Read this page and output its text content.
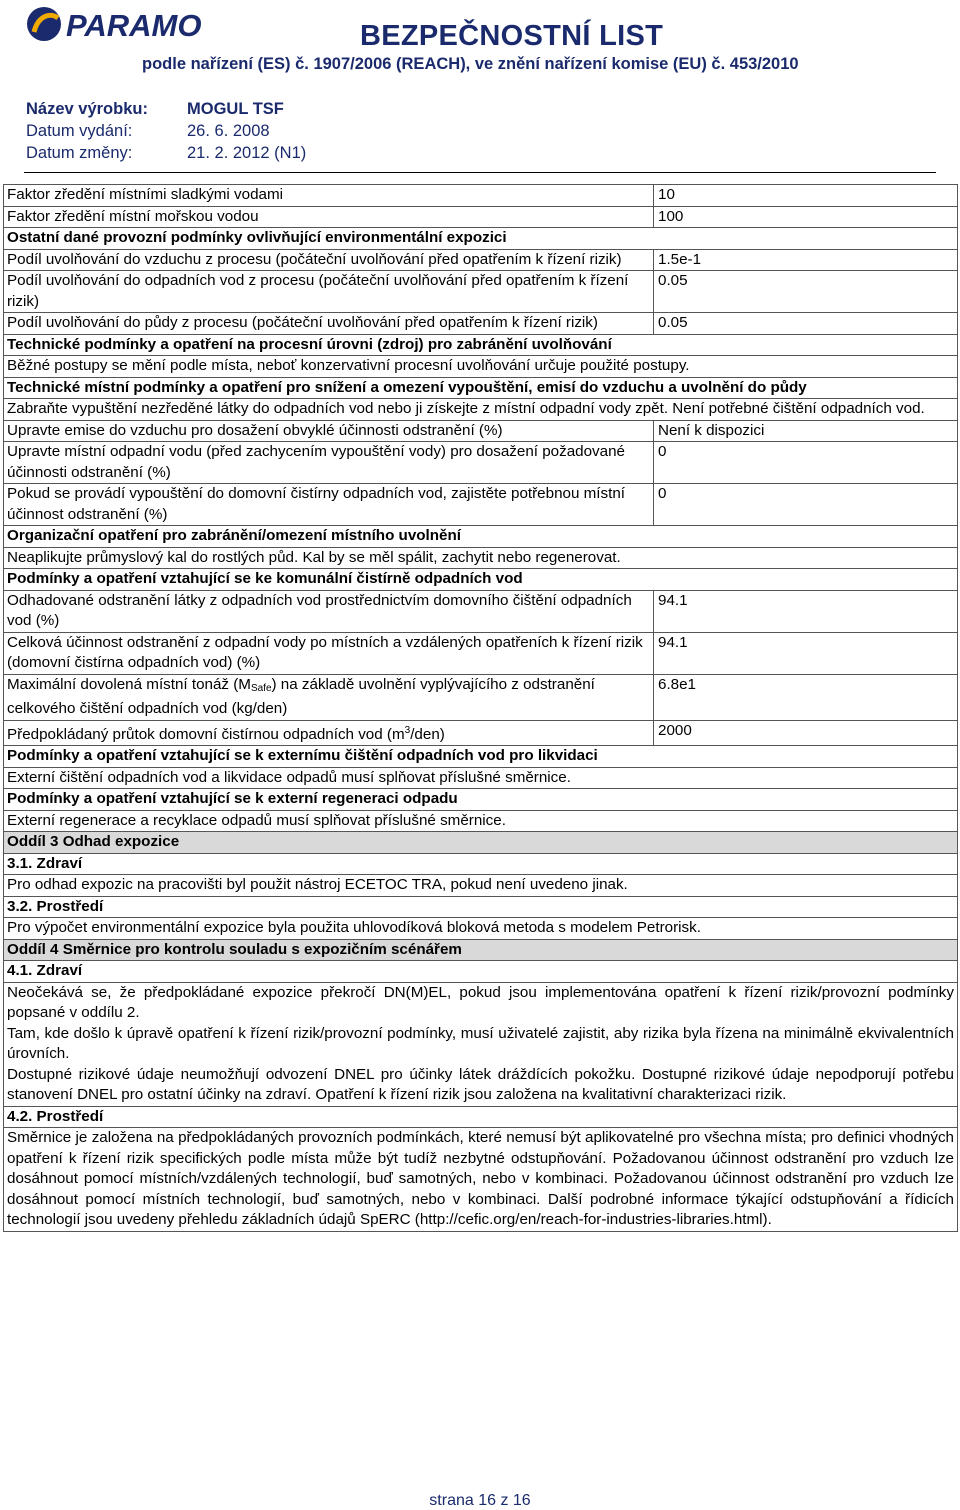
PARAMO	BEZPEČNOSTNÍ LIST
podle nařízení (ES) č. 1907/2006 (REACH), ve znění nařízení komise (EU) č. 453/2010
Název výrobku:	MOGUL TSF
Datum vydání:	26. 6. 2008
Datum změny:	21. 2. 2012 (N1)
Faktor zředění místními sladkými vodami	10
Faktor zředění místní mořskou vodou	100
Ostatní dané provozní podmínky ovlivňující environmentální expozici	
Podíl uvolňování do vzduchu z procesu (počáteční uvolňování před opatřením k řízení rizik)	1.5e-1
Podíl uvolňování do odpadních vod z procesu (počáteční uvolňování před opatřením k řízení rizik)	0.05
Podíl uvolňování do půdy z procesu (počáteční uvolňování před opatřením k řízení rizik)	0.05
Technické podmínky a opatření na procesní úrovni (zdroj) pro zabránění uvolňování	
Běžné postupy se mění podle místa, neboť konzervativní procesní uvolňování určuje použité postupy.	
Technické místní podmínky a opatření pro snížení a omezení vypouštění, emisí do vzduchu a uvolnění do půdy	
Zabraňte vypuštění nezředěné látky do odpadních vod nebo ji získejte z místní odpadní vody zpět. Není potřebné čištění odpadních vod.	
Upravte emise do vzduchu pro dosažení obvyklé účinnosti odstranění (%)	Není k dispozici
Upravte místní odpadní vodu (před zachycením vypouštění vody) pro dosažení požadované účinnosti odstranění (%)	0
Pokud se provádí vypouštění do domovní čistírny odpadních vod, zajistěte potřebnou místní účinnost odstranění (%)	0
Organizační opatření pro zabránění/omezení místního uvolnění	
Neaplikujte průmyslový kal do rostlých půd. Kal by se měl spálit, zachytit nebo regenerovat.	
Podmínky a opatření vztahující se ke komunální čistírně odpadních vod	
Odhadované odstranění látky z odpadních vod prostřednictvím domovního čištění odpadních vod (%)	94.1
Celková účinnost odstranění z odpadní vody po místních a vzdálených opatřeních k řízení rizik (domovní čistírna odpadních vod) (%)	94.1
Maximální dovolená místní tonáž $(M_{Safe})$ na základě uvolnění vyplývajícího z odstranění celkového čištění odpadních vod (kg/den)	6.8e1
Předpokládaný průtok domovní čistírnou odpadních vod $(m^3/den)$	2000
Podmínky a opatření vztahující se k externímu čištění odpadních vod pro likvidaci	
Externí čištění odpadních vod a likvidace odpadů musí splňovat příslušné směrnice.	
Podmínky a opatření vztahující se k externí regeneraci odpadu	
Externí regenerace a recyklace odpadů musí splňovat příslušné směrnice.	
Oddíl 3 Odhad expozice	
3.1. Zdraví	
Pro odhad expozic na pracovišti byl použit nástroj ECETOC TRA, pokud není uvedeno jinak.	
3.2. Prostředí	
Pro výpočet environmentální expozice byla použita uhlovodíková bloková metoda s modelem Petrorisk.	
Oddíl 4 Směrnice pro kontrolu souladu s expozičním scénářem	
4.1. Zdraví	

Neočekává se, že předpokládané expozice překročí DN(M)EL, pokud jsou implementována opatření k řízení rizik/provozní podmínky popsané v oddílu 2.
Tam, kde došlo k úpravě opatření k řízení rizik/provozní podmínky, musí uživatelé zajistit, aby rizika byla řízena na minimálně ekvivalentních úrovních.
Dostupné rizikové údaje neumožňují odvození DNEL pro účinky látek dráždících pokožku. Dostupné rizikové údaje nepodporují potřebu stanovení DNEL pro ostatní účinky na zdraví. Opatření k řízení rizik jsou založena na kvalitativní charakterizaci rizik.	

4.2. Prostředí	

Směrnice je založena na předpokládaných provozních podmínkách, které nemusí být aplikovatelné pro všechna místa; pro definici vhodných opatření k řízení rizik specifických podle místa může být tudíž nezbytné odstupňování. Požadovanou účinnost odstranění pro vzduch lze dosáhnout pomocí místních/vzdálených technologií, buď samotných, nebo v kombinaci. Požadovanou účinnost odstranění pro vzduch lze dosáhnout pomocí místních technologií, buď samotných, nebo v kombinaci. Další podrobné informace týkající odstupňování a řídicích technologií jsou uvedeny přehledu základních údajů SpERC (http://cefic.org/en/reach-for-industries-libraries.html).	
strana 16 z 16
